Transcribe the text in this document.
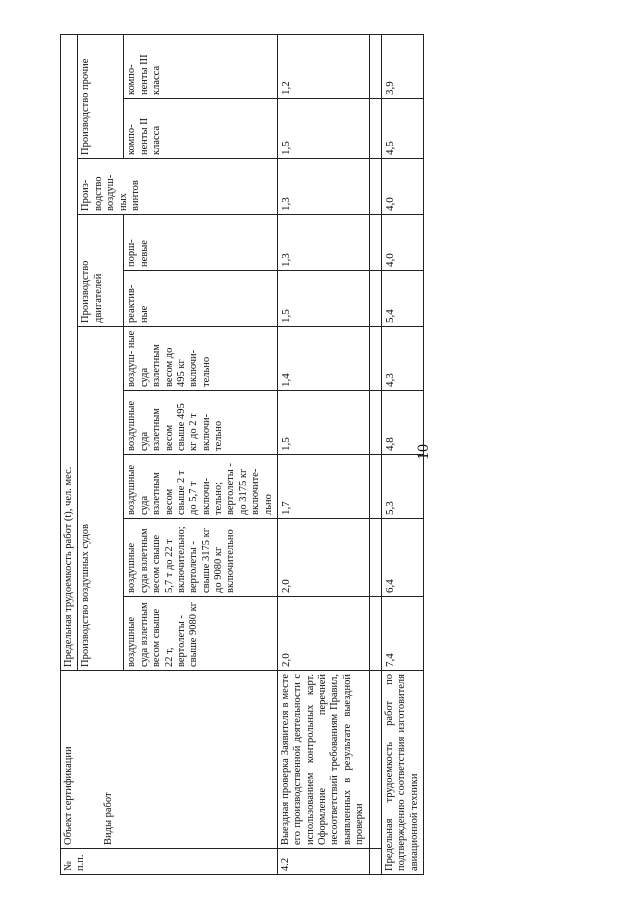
10
№ п.п.	Объект сертификации Виды работ	Предельная трудоемкость работ (t), чел. мес.									
		Производство воздушных судов					Производство двигателей		Произ- водство воздуш- ных винтов	Производство прочие	
		воздушные суда взлетным весом свыше 22 т, вертолеты - свыше 9080 кг	воздушные суда взлетным весом свыше 5,7 т до 22 т включительно; вертолеты - свыше 3175 кг до 9080 кг включительно	воздушные суда взлетным весом свыше 2 т до 5,7 т включи- тельно; вертолеты - до 3175 кг включите- льно	воздушные суда взлетным весом свыше 495 кг до 2 т включи- тельно	воздуш- ные суда взлетным весом до 495 кг включи- тельно	реактив- ные	порш- невые		компо- ненты II класса	компо- ненты III класса
4.2	Выездная проверка Заявителя в месте его производственной деятельности с использованием контрольных карт. Оформление перечней несоответствий требованиям Правил, выявленных в результате выездной проверки	2,0	2,0	1,7	1,5	1,4	1,5	1,3	1,3	1,5	1,2

Предельная трудоемкость работ по подтверждению соответствия изготовителя авиационной техники		7,4	6,4	5,3	4,8	4,3	5,4	4,0	4,0	4,5	3,9
